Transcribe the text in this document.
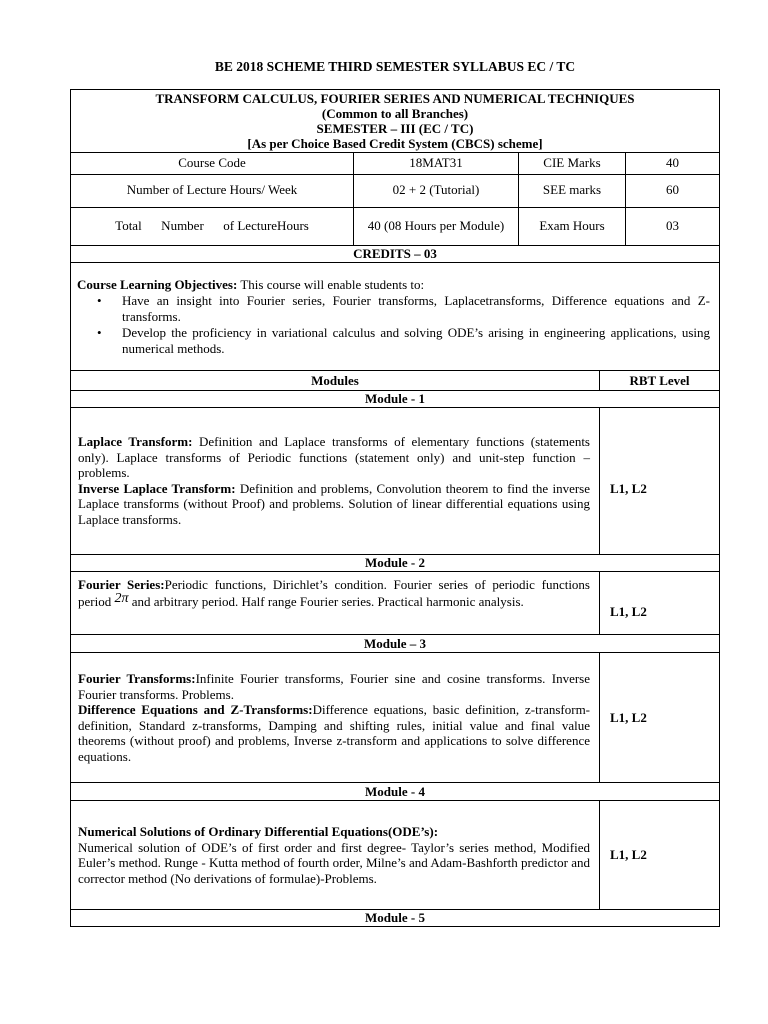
BE 2018 SCHEME THIRD SEMESTER SYLLABUS EC / TC
TRANSFORM CALCULUS, FOURIER SERIES AND NUMERICAL TECHNIQUES
(Common to all Branches)
SEMESTER – III (EC / TC)
[As per Choice Based Credit System (CBCS) scheme]
Course Code	18MAT31	CIE Marks	40
Number of Lecture Hours/ Week	02 + 2 (Tutorial)	SEE marks	60
Total      Number      of LectureHours	40 (08 Hours per Module)	Exam Hours	03
CREDITS – 03

Course Learning Objectives: This course will enable students to:

• Have an insight into Fourier series, Fourier transforms, Laplacetransforms, Difference equations and Z-transforms.
• Develop the proficiency in variational calculus and solving ODE’s arising in engineering applications, using numerical methods.
Modules	RBT Level
Module - 1

Laplace Transform: Definition and Laplace transforms of elementary functions (statements only). Laplace transforms of Periodic functions (statement only) and unit-step function – problems.

Inverse Laplace Transform: Definition and problems, Convolution theorem to find the inverse Laplace transforms (without Proof) and problems. Solution of linear differential equations using Laplace transforms.

L1, L2
Module - 2

Fourier Series:Periodic functions, Dirichlet’s condition. Fourier series of periodic functions period 2π and arbitrary period. Half range Fourier series. Practical harmonic analysis.

L1, L2
Module – 3

Fourier Transforms:Infinite Fourier transforms, Fourier sine and cosine transforms. Inverse Fourier transforms. Problems.

Difference Equations and Z-Transforms:Difference equations, basic definition, z-transform-definition, Standard z-transforms, Damping and shifting rules, initial value and final value theorems (without proof) and problems, Inverse z-transform and applications to solve difference equations.

L1, L2
Module - 4

Numerical Solutions of Ordinary Differential Equations(ODE’s):

Numerical solution of ODE’s of first order and first degree- Taylor’s series method, Modified Euler’s method. Runge - Kutta method of fourth order, Milne’s and Adam-Bashforth predictor and corrector method (No derivations of formulae)-Problems.

L1, L2
Module - 5
